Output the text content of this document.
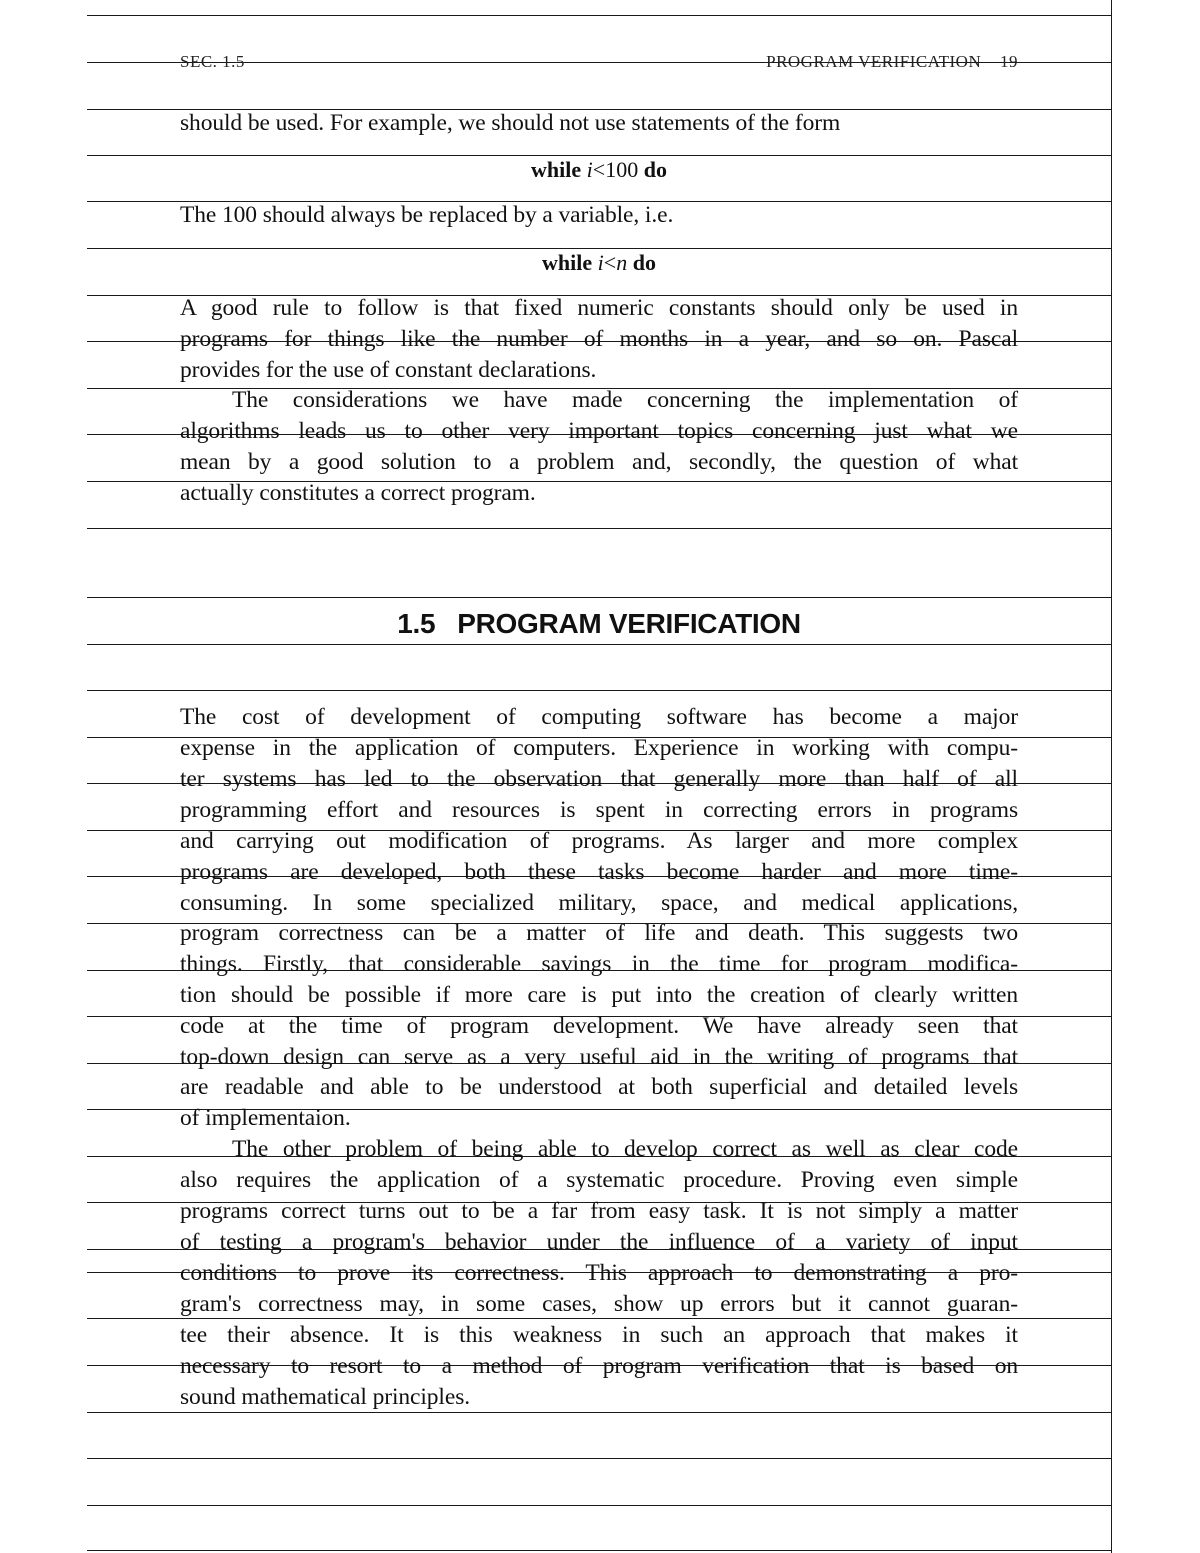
SEC. 1.5	PROGRAM VERIFICATION 19
should be used. For example, we should not use statements of the form
while i<100 do
The 100 should always be replaced by a variable, i.e.
while i<n do
A good rule to follow is that fixed numeric constants should only be used in
programs for things like the number of months in a year, and so on. Pascal
provides for the use of constant declarations.
The considerations we have made concerning the implementation of
algorithms leads us to other very important topics concerning just what we
mean by a good solution to a problem and, secondly, the question of what
actually constitutes a correct program.
1.5 PROGRAM VERIFICATION
The cost of development of computing software has become a major
expense in the application of computers. Experience in working with compu-
ter systems has led to the observation that generally more than half of all
programming effort and resources is spent in correcting errors in programs
and carrying out modification of programs. As larger and more complex
programs are developed, both these tasks become harder and more time-
consuming. In some specialized military, space, and medical applications,
program correctness can be a matter of life and death. This suggests two
things. Firstly, that considerable savings in the time for program modifica-
tion should be possible if more care is put into the creation of clearly written
code at the time of program development. We have already seen that
top-down design can serve as a very useful aid in the writing of programs that
are readable and able to be understood at both superficial and detailed levels
of implementaion.
The other problem of being able to develop correct as well as clear code
also requires the application of a systematic procedure. Proving even simple
programs correct turns out to be a far from easy task. It is not simply a matter
of testing a program's behavior under the influence of a variety of input
conditions to prove its correctness. This approach to demonstrating a pro-
gram's correctness may, in some cases, show up errors but it cannot guaran-
tee their absence. It is this weakness in such an approach that makes it
necessary to resort to a method of program verification that is based on
sound mathematical principles.
